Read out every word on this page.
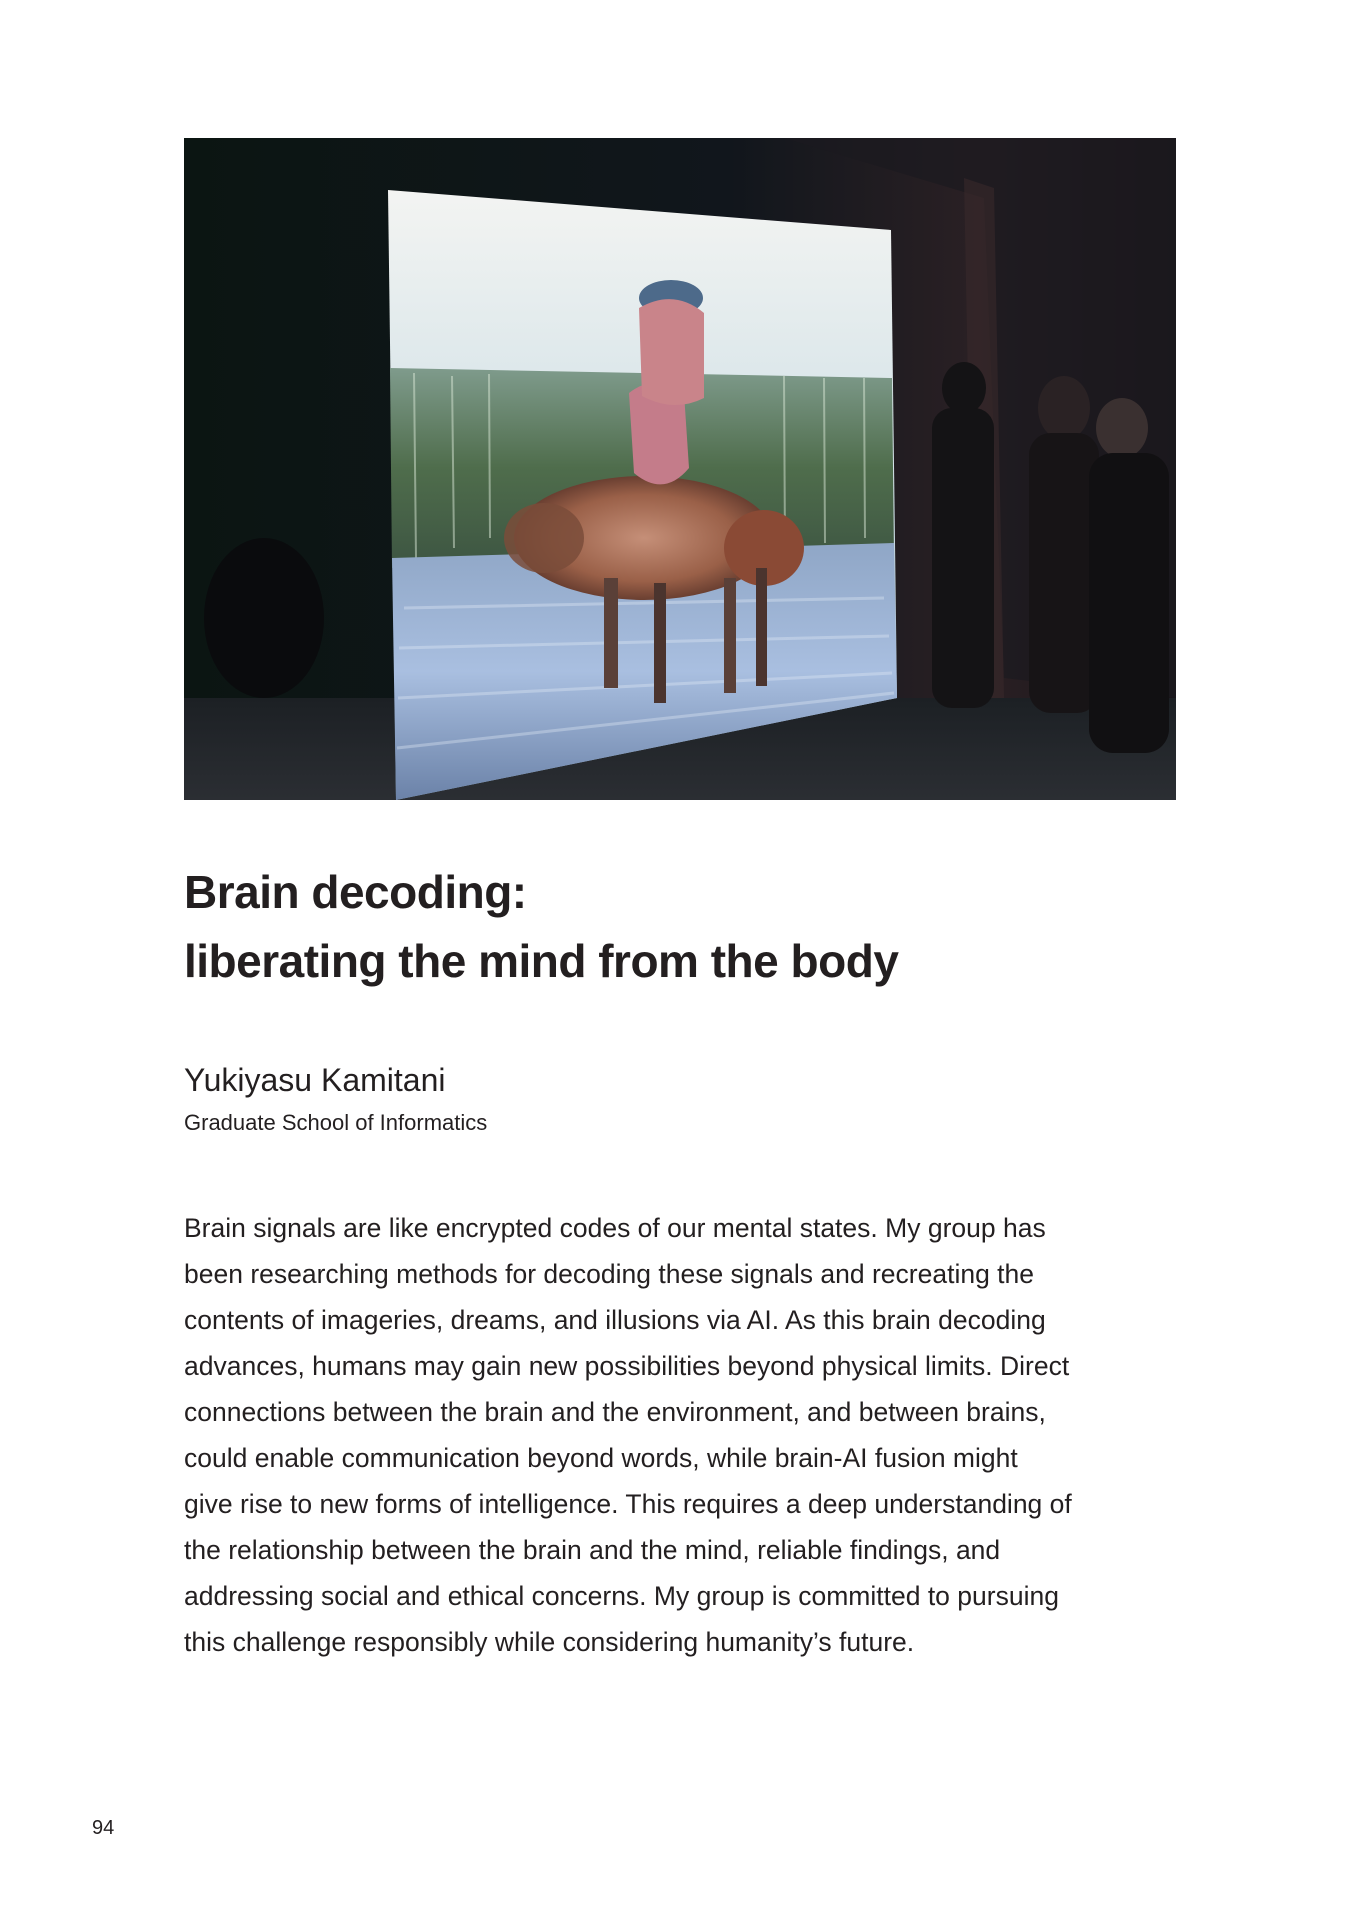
Brain decoding:
liberating the mind from the body
Yukiyasu Kamitani
Graduate School of Informatics
Brain signals are like encrypted codes of our mental states. My group has
been researching methods for decoding these signals and recreating the
contents of imageries, dreams, and illusions via AI. As this brain decoding
advances, humans may gain new possibilities beyond physical limits. Direct
connections between the brain and the environment, and between brains,
could enable communication beyond words, while brain-AI fusion might
give rise to new forms of intelligence. This requires a deep understanding of
the relationship between the brain and the mind, reliable findings, and
addressing social and ethical concerns. My group is committed to pursuing
this challenge responsibly while considering humanity’s future.
94
